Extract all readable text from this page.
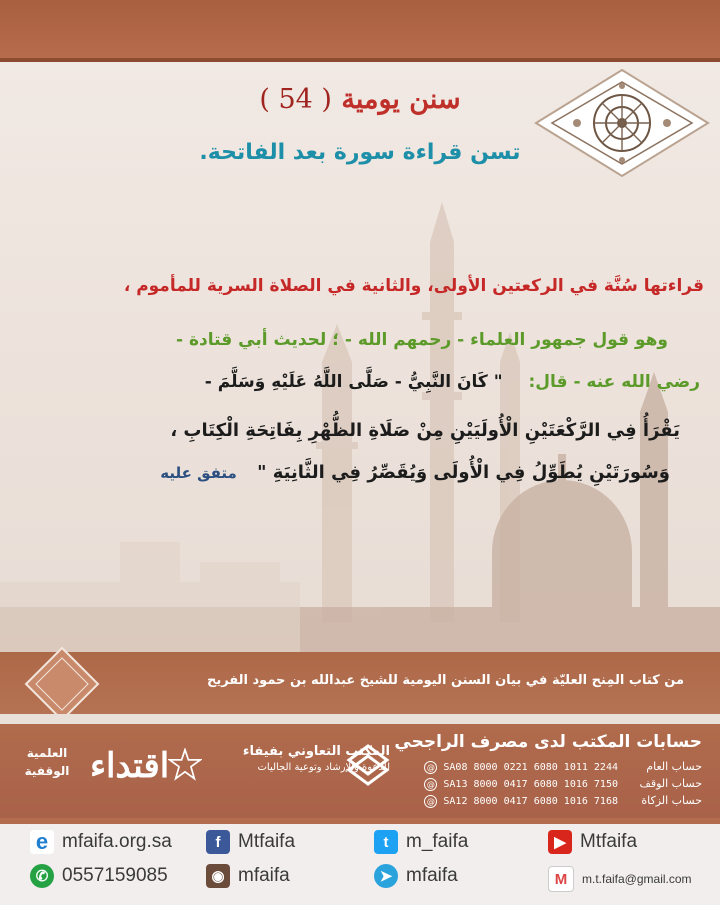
سنن يومية ( 54 )
تسن قراءة سورة بعد الفاتحة.
قراءتها سُنَّة في الركعتين الأولى، والثانية في الصلاة السرية للمأموم ،
وهو قول جمهور العلماء - رحمهم الله - ؛ لحديث أبي قتادة -
رضي الله عنه - قال: " كَانَ النَّبِيُّ - صَلَّى اللَّهُ عَلَيْهِ وَسَلَّمَ -
يَقْرَأُ فِي الرَّكْعَتَيْنِ الْأُولَيَيْنِ مِنْ صَلَاةِ الظُّهْرِ بِفَاتِحَةِ الْكِتَابِ ،
وَسُورَتَيْنِ يُطَوِّلُ فِي الْأُولَى وَيُقَصِّرُ فِي الثَّانِيَةِ " متفق عليه
من كتاب المِنح العليّة في بيان السنن اليومية للشيخ عبدالله بن حمود الفريح
حسابات المكتب لدى مصرف الراجحي
حساب العامSA08 8000 0221 6080 1011 2244@
حساب الوقفSA13 8000 0417 6080 1016 7150@
حساب الزكاةSA12 8000 0417 6080 1016 7168@
المكتب التعاوني بفيفاء
للدعوة والإرشاد وتوعية الجاليات
العلمية
الوقفية اقتداء
e mfaifa.org.sa	f Mtfaifa	t m_faifa	▶ Mtfaifa
✆ 0557159085	◉ mfaifa	➤ mfaifa	M	m.t.faifa@gmail.com
